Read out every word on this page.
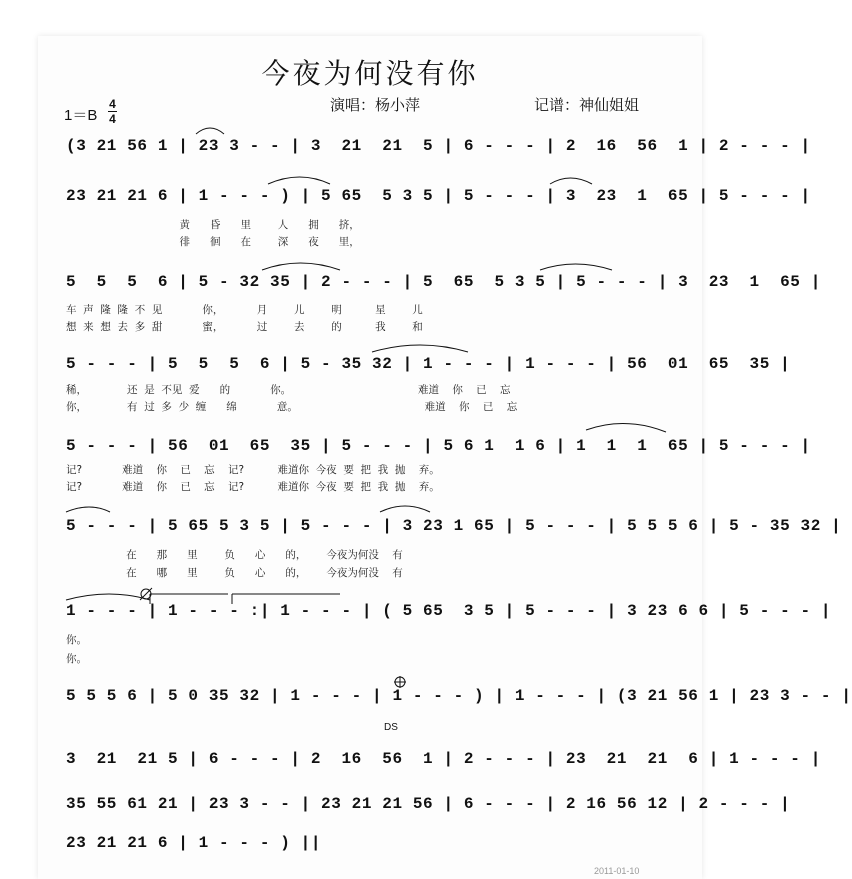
今夜为何没有你
演唱：杨小萍	记谱：神仙姐姐
1＝B
4
4
(3 21 56 1 | 23 3 - - | 3  21  21  5 | 6 - - - | 2  16  56  1 | 2 - - - |
23 21 21 6 | 1 - - - ) | 5 65  5 3 5 | 5 - - - | 3  23  1  65 | 5 - - - |
黄      昏      里        人      拥      挤，
徘      徊      在        深      夜      里，
5  5  5  6 | 5 - 32 35 | 2 - - - | 5  65  5 3 5 | 5 - - - | 3  23  1  65 |
车  声  隆  隆  不  见            你，          月        儿        明          星        儿
想  来  想  去  多  甜            蜜，          过        去        的          我        和
5 - - - | 5  5  5  6 | 5 - 35 32 | 1 - - - | 1 - - - | 56  01  65  35 |
稀，            还  是  不见  爱      的            你。                                      难道    你    已    忘
你，            有  过  多  少  缠      绵            意。                                      难道    你    已    忘
5 - - - | 56  01  65  35 | 5 - - - | 5 6 1  1 6 | 1  1  1  65 | 5 - - - |
记?            难道    你    已    忘    记?          难道你  今夜  要  把  我  抛    弃。
记?            难道    你    已    忘    记?          难道你  今夜  要  把  我  抛    弃。
5 - - - | 5 65 5 3 5 | 5 - - - | 3 23 1 65 | 5 - - - | 5 5 5 6 | 5 - 35 32 |
在      那      里        负      心      的，      今夜为何没    有
在      哪      里        负      心      的，      今夜为何没    有
1 - - - | 1 - - - :| 1 - - - | ( 5 65  3 5 | 5 - - - | 3 23 6 6 | 5 - - - |
你。
你。
5 5 5 6 | 5 0 35 32 | 1 - - - | 1 - - - ) | 1 - - - | (3 21 56 1 | 23 3 - - |
DS
3  21  21 5 | 6 - - - | 2  16  56  1 | 2 - - - | 23  21  21  6 | 1 - - - |
35 55 61 21 | 23 3 - - | 23 21 21 56 | 6 - - - | 2 16 56 12 | 2 - - - |
23 21 21 6 | 1 - - - ) ||
2011-01-10
